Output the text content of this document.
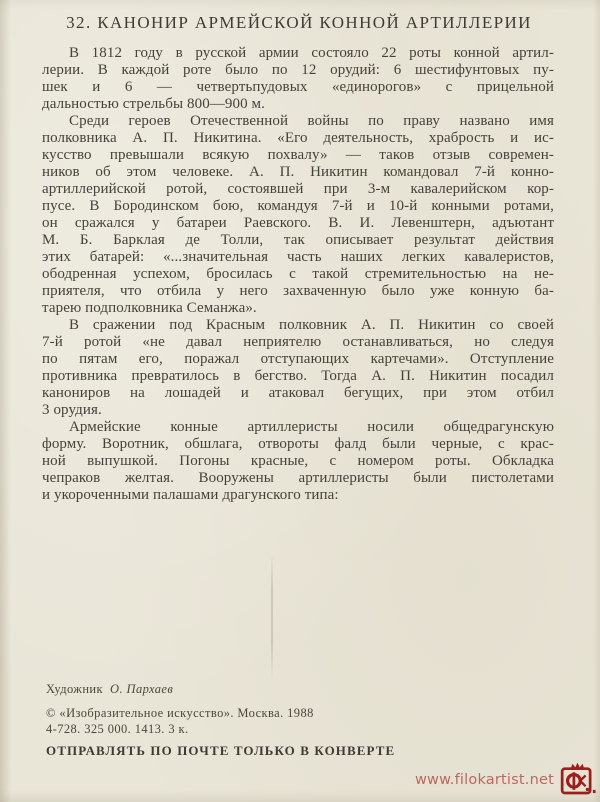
32. КАНОНИР АРМЕЙСКОЙ КОННОЙ АРТИЛЛЕРИИ
В 1812 году в русской армии состояло 22 роты конной артил-
лерии. В каждой роте было по 12 орудий: 6 шестифунтовых пу-
шек и 6 — четвертьпудовых «единорогов» с прицельной
дальностью стрельбы 800—900 м.
Среди героев Отечественной войны по праву названо имя
полковника А. П. Никитина. «Его деятельность, храбрость и ис-
кусство превышали всякую похвалу» — таков отзыв современ-
ников об этом человеке. А. П. Никитин командовал 7-й конно-
артиллерийской ротой, состоявшей при 3-м кавалерийском кор-
пусе. В Бородинском бою, командуя 7-й и 10-й конными ротами,
он сражался у батареи Раевского. В. И. Левенштерн, адъютант
М. Б. Барклая де Толли, так описывает результат действия
этих батарей: «...значительная часть наших легких кавалеристов,
ободренная успехом, бросилась с такой стремительностью на не-
приятеля, что отбила у него захваченную было уже конную ба-
тарею подполковника Семанжа».
В сражении под Красным полковник А. П. Никитин со своей
7-й ротой «не давал неприятелю останавливаться, но следуя
по пятам его, поражал отступающих картечами». Отступление
противника превратилось в бегство. Тогда А. П. Никитин посадил
канониров на лошадей и атаковал бегущих, при этом отбил
3 орудия.
Армейские конные артиллеристы носили общедрагунскую
форму. Воротник, обшлага, отвороты фалд были черные, с крас-
ной выпушкой. Погоны красные, с номером роты. Обкладка
чепраков желтая. Вооружены артиллеристы были пистолетами
и укороченными палашами драгунского типа:
Художник О. Пархаев
© «Изобразительное искусство». Москва. 1988
4-728. 325 000. 1413. 3 к.
ОТПРАВЛЯТЬ ПО ПОЧТЕ ТОЛЬКО В КОНВЕРТЕ
www.filokartist.net
